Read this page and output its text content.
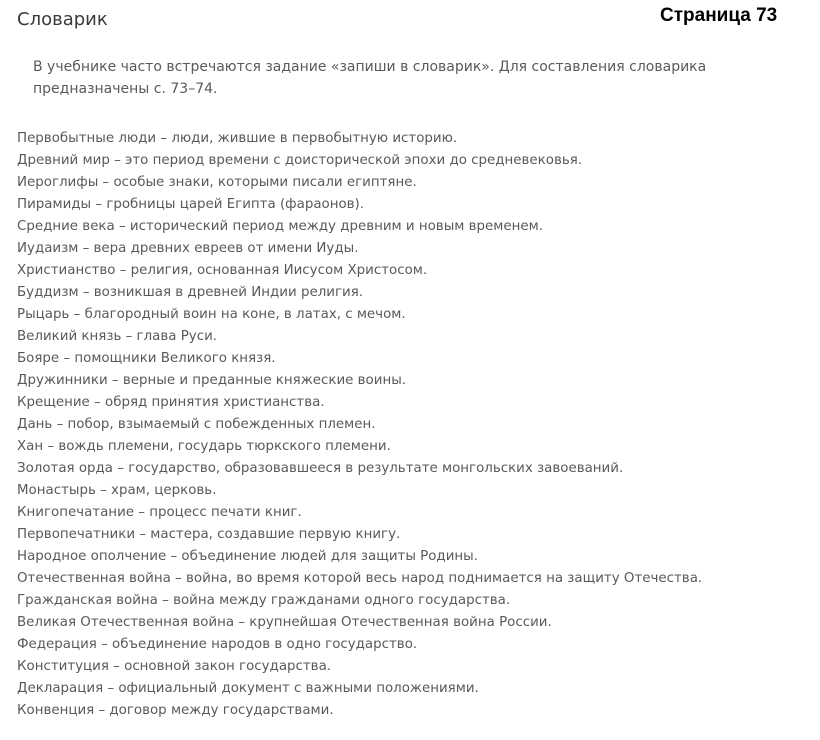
Словарик	Страница 73
В учебнике часто встречаются задание «запиши в словарик». Для составления словарика предназначены с. 73–74.
Первобытные люди – люди, жившие в первобытную историю.
Древний мир – это период времени с доисторической эпохи до средневековья.
Иероглифы – особые знаки, которыми писали египтяне.
Пирамиды – гробницы царей Египта (фараонов).
Средние века – исторический период между древним и новым временем.
Иудаизм – вера древних евреев от имени Иуды.
Христианство – религия, основанная Иисусом Христосом.
Буддизм – возникшая в древней Индии религия.
Рыцарь – благородный воин на коне, в латах, с мечом.
Великий князь – глава Руси.
Бояре – помощники Великого князя.
Дружинники – верные и преданные княжеские воины.
Крещение – обряд принятия христианства.
Дань – побор, взымаемый с побежденных племен.
Хан – вождь племени, государь тюркского племени.
Золотая орда – государство, образовавшееся в результате монгольских завоеваний.
Монастырь – храм, церковь.
Книгопечатание – процесс печати книг.
Первопечатники – мастера, создавшие первую книгу.
Народное ополчение – объединение людей для защиты Родины.
Отечественная война – война, во время которой весь народ поднимается на защиту Отечества.
Гражданская война – война между гражданами одного государства.
Великая Отечественная война – крупнейшая Отечественная война России.
Федерация – объединение народов в одно государство.
Конституция – основной закон государства.
Декларация – официальный документ с важными положениями.
Конвенция – договор между государствами.
